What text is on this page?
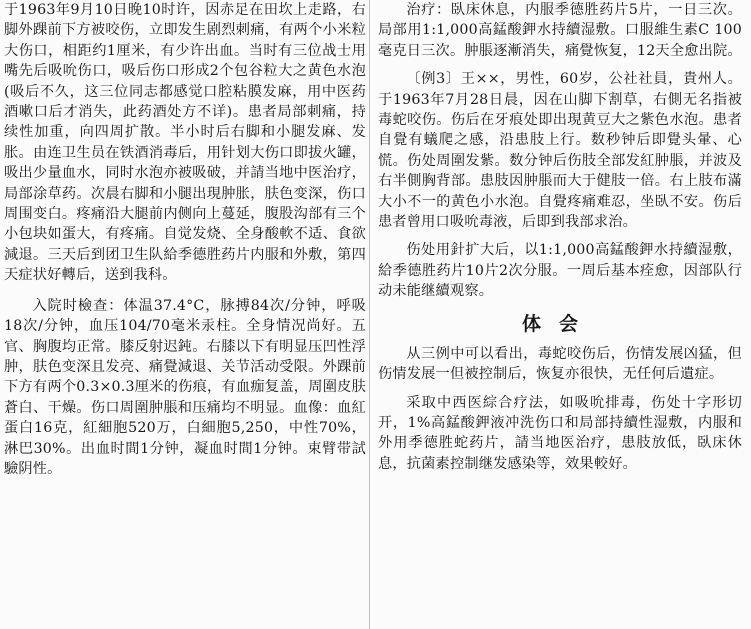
于1963年9月10日晚10时许，因赤足在田坎上走路，右脚外踝前下方被咬伤，立即发生剧烈刺痛，有两个小米粒大伤口，相距约1厘米，有少许出血。当时有三位战士用嘴先后吸吮伤口，吸后伤口形成2个包谷粒大之黄色水泡(吸后不久，这三位同志都感觉口腔粘膜发麻，用中医药酒嗽口后才消失，此药酒处方不详)。患者局部刺痛，持续性加重，向四周扩散。半小时后右脚和小腿发麻、发胀。由连卫生员在铁酒消毒后，用针划大伤口即拔火罐，吸出少量血水，同时水泡亦被吸破，并請当地中医治疗，局部涂草药。次晨右脚和小腿出現肿胀，肤色变深，伤口周围变白。疼痛沿大腿前内侧向上蔓延，腹股沟部有三个小包块如蛋大，有疼痛。自觉发烧、全身酸軟不适、食欲減退。三天后到团卫生队給季德胜药片内服和外敷，第四天症状好轉后，送到我科。

入院时檢查：体温37.4°C，脉搏84次/分钟，呼吸18次/分钟，血压104/70毫米汞柱。全身情况尚好。五官、胸腹均正常。膝反射迟鈍。右膝以下有明显压凹性浮肿，肤色变深且发亮、痛覺減退、关节活动受限。外踝前下方有两个0.3×0.3厘米的伤痕，有血痂复盖，周圍皮肤蒼白、干燥。伤口周圍肿脹和压痛均不明显。血像：血紅蛋白16克，紅細胞520万，白細胞5,250，中性70%，淋巴30%。出血时間1分钟，凝血时間1分钟。束臂带試驗阴性。

治疗：臥床休息，内服季德胜药片5片，一日三次。局部用1:1,000高錳酸鉀水持續湿敷。口服維生素C 100毫克日三次。肿脹逐漸消失，痛覺恢复，12天全愈出院。

〔例3〕王××，男性，60岁，公社社員，貴州人。于1963年7月28日晨，因在山脚下割草，右側无名指被毒蛇咬伤。伤后在牙痕处即出現黄豆大之紫色水泡。患者自覺有蟻爬之感，沿患肢上行。数秒钟后即覺头暈、心慌。伤处周圍发紫。数分钟后伤肢全部发紅肿脹，并波及右半側胸背部。患肢因肿脹而大于健肢一倍。右上肢布滿大小不一的黄色小水泡。自覺疼痛难忍，坐臥不安。伤后患者曾用口吸吮毒液，后即到我部求治。

伤处用針扩大后，以1:1,000高錳酸鉀水持續湿敷，給季德胜药片10片2次分服。一周后基本痊愈，因部队行动未能继續观察。

体会

从三例中可以看出，毒蛇咬伤后，伤情发展凶猛，但伤情发展一但被控制后，恢复亦很快，无任何后遺症。

采取中西医綜合疗法，如吸吮排毒，伤处十字形切开，1%高錳酸鉀液冲洗伤口和局部持續性湿敷，内服和外用季德胜蛇药片，請当地医治疗，患肢放低，臥床休息，抗菌素控制继发感染等，效果較好。
